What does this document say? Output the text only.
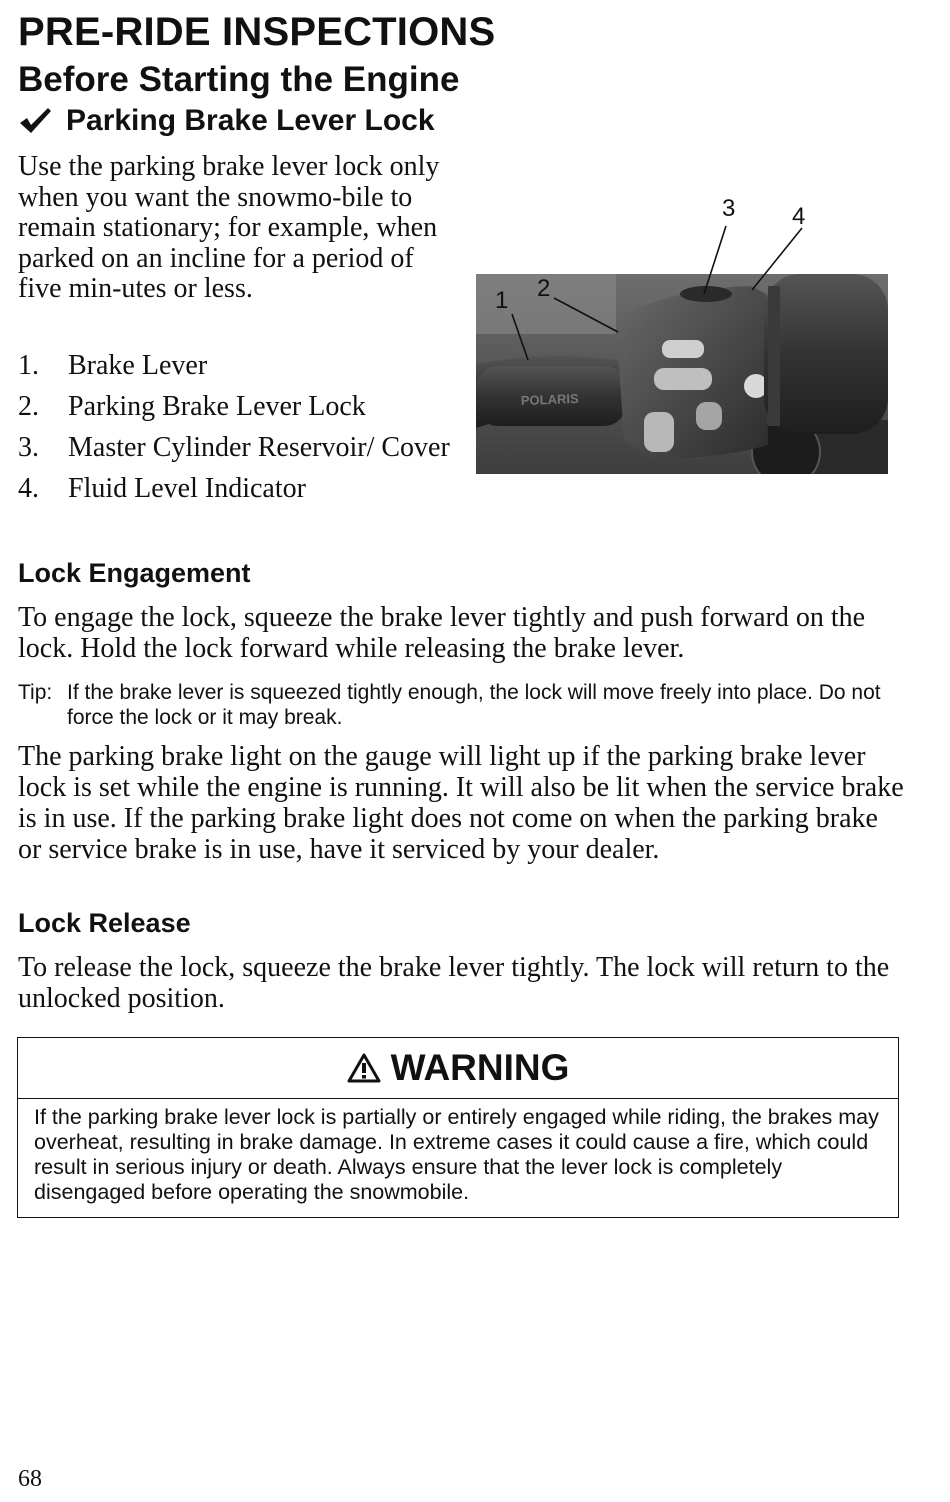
PRE-RIDE INSPECTIONS
Before Starting the Engine
Parking Brake Lever Lock
Use the parking brake lever lock only when you want the snowmo-bile to remain stationary; for example, when parked on an incline for a period of five min-utes or less.
1.	Brake Lever
2.	Parking Brake Lever Lock
3.	Master Cylinder Reservoir/ Cover
4.	Fluid Level Indicator
POLARIS
1 2
3 4
Lock Engagement

To engage the lock, squeeze the brake lever tightly and push forward on the lock. Hold the lock forward while releasing the brake lever.

Tip: If the brake lever is squeezed tightly enough, the lock will move freely into place. Do not force the lock or it may break.

The parking brake light on the gauge will light up if the parking brake lever lock is set while the engine is running. It will also be lit when the service brake is in use. If the parking brake light does not come on when the parking brake or service brake is in use, have it serviced by your dealer.

Lock Release

To release the lock, squeeze the brake lever tightly. The lock will return to the unlocked position.

WARNING
If the parking brake lever lock is partially or entirely engaged while riding, the brakes may overheat, resulting in brake damage. In extreme cases it could cause a fire, which could result in serious injury or death. Always ensure that the lever lock is completely disengaged before operating the snowmobile.
68
